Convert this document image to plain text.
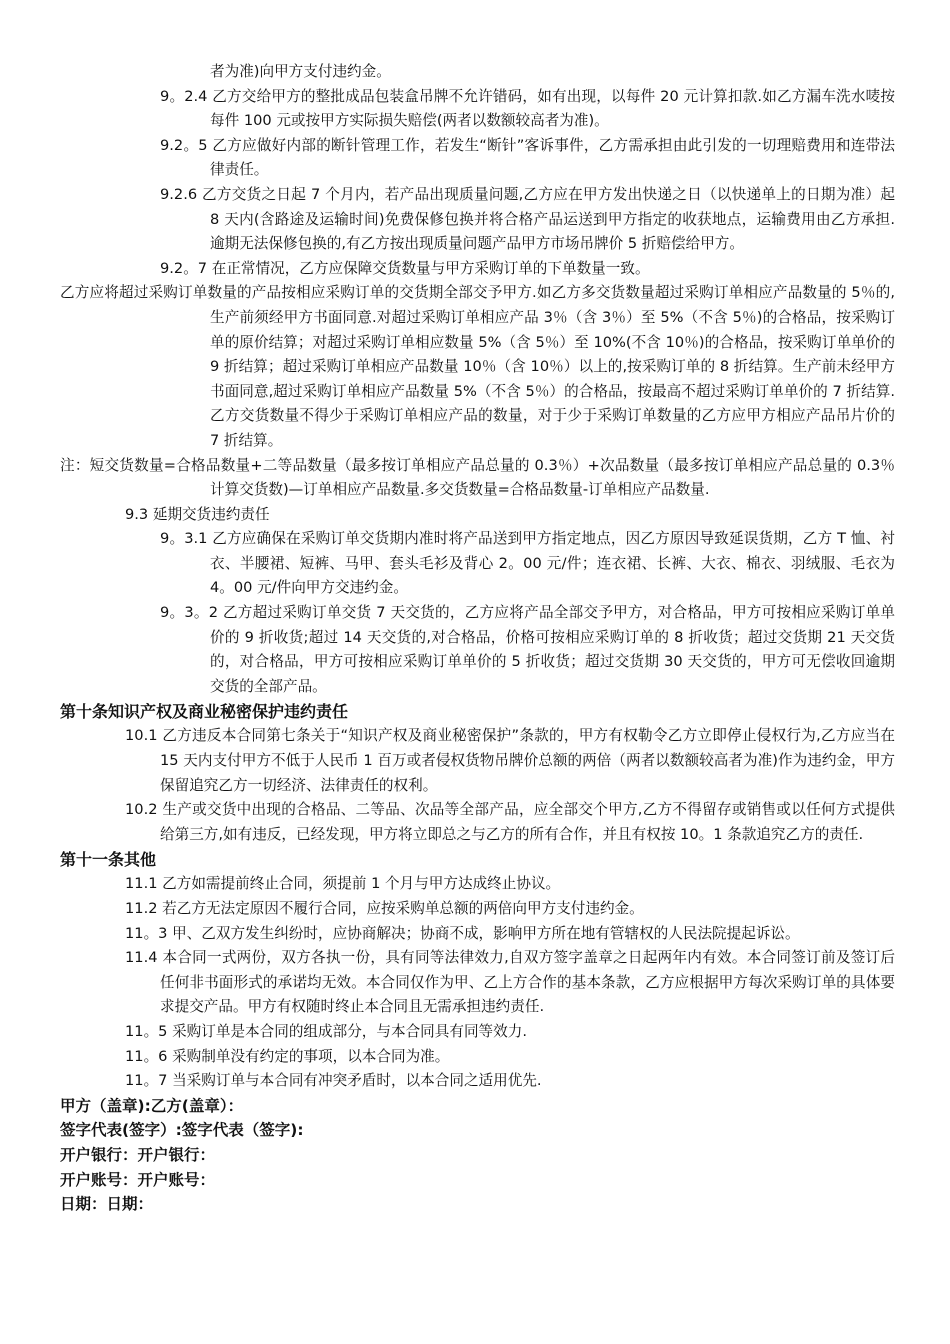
者为准)向甲方支付违约金。
9。2.4 乙方交给甲方的整批成品包装盒吊牌不允许错码，如有出现，以每件 20 元计算扣款.如乙方漏车洗水唛按每件 100 元或按甲方实际损失赔偿(两者以数额较高者为准)。
9.2。5 乙方应做好内部的断针管理工作，若发生“断针”客诉事件，乙方需承担由此引发的一切理赔费用和连带法律责任。
9.2.6 乙方交货之日起 7 个月内，若产品出现质量问题,乙方应在甲方发出快递之日（以快递单上的日期为准）起 8 天内(含路途及运输时间)免费保修包换并将合格产品运送到甲方指定的收获地点，运输费用由乙方承担.逾期无法保修包换的,有乙方按出现质量问题产品甲方市场吊牌价 5 折赔偿给甲方。
9.2。7 在正常情况，乙方应保障交货数量与甲方采购订单的下单数量一致。
乙方应将超过采购订单数量的产品按相应采购订单的交货期全部交予甲方.如乙方多交货数量超过采购订单相应产品数量的 5％的,生产前须经甲方书面同意.对超过采购订单相应产品 3％（含 3％）至 5%（不含 5％)的合格品，按采购订单的原价结算；对超过采购订单相应数量 5%（含 5％）至 10%(不含 10％)的合格品，按采购订单单价的 9 折结算；超过采购订单相应产品数量 10％（含 10％）以上的,按采购订单的 8 折结算。生产前未经甲方书面同意,超过采购订单相应产品数量 5%（不含 5％）的合格品，按最高不超过采购订单单价的 7 折结算.乙方交货数量不得少于采购订单相应产品的数量，对于少于采购订单数量的乙方应甲方相应产品吊片价的 7 折结算。
注：短交货数量=合格品数量+二等品数量（最多按订单相应产品总量的 0.3％）+次品数量（最多按订单相应产品总量的 0.3％计算交货数)—订单相应产品数量.多交货数量=合格品数量-订单相应产品数量.
9.3 延期交货违约责任
9。3.1 乙方应确保在采购订单交货期内准时将产品送到甲方指定地点，因乙方原因导致延误货期，乙方 T 恤、衬衣、半腰裙、短裤、马甲、套头毛衫及背心 2。00 元/件；连衣裙、长裤、大衣、棉衣、羽绒服、毛衣为 4。00 元/件向甲方交违约金。
9。3。2 乙方超过采购订单交货 7 天交货的，乙方应将产品全部交予甲方，对合格品，甲方可按相应采购订单单价的 9 折收货;超过 14 天交货的,对合格品，价格可按相应采购订单的 8 折收货；超过交货期 21 天交货的，对合格品，甲方可按相应采购订单单价的 5 折收货；超过交货期 30 天交货的，甲方可无偿收回逾期交货的全部产品。
第十条知识产权及商业秘密保护违约责任
10.1 乙方违反本合同第七条关于“知识产权及商业秘密保护”条款的，甲方有权勒令乙方立即停止侵权行为,乙方应当在 15 天内支付甲方不低于人民币 1 百万或者侵权货物吊牌价总额的两倍（两者以数额较高者为准)作为违约金，甲方保留追究乙方一切经济、法律责任的权利。
10.2 生产或交货中出现的合格品、二等品、次品等全部产品，应全部交个甲方,乙方不得留存或销售或以任何方式提供给第三方,如有违反，已经发现，甲方将立即总之与乙方的所有合作，并且有权按 10。1 条款追究乙方的责任.
第十一条其他
11.1 乙方如需提前终止合同，须提前 1 个月与甲方达成终止协议。
11.2 若乙方无法定原因不履行合同，应按采购单总额的两倍向甲方支付违约金。
11。3 甲、乙双方发生纠纷时，应协商解决；协商不成，影响甲方所在地有管辖权的人民法院提起诉讼。
11.4 本合同一式两份，双方各执一份，具有同等法律效力,自双方签字盖章之日起两年内有效。本合同签订前及签订后任何非书面形式的承诺均无效。本合同仅作为甲、乙上方合作的基本条款，乙方应根据甲方每次采购订单的具体要求提交产品。甲方有权随时终止本合同且无需承担违约责任.
11。5 采购订单是本合同的组成部分，与本合同具有同等效力.
11。6 采购制单没有约定的事项，以本合同为准。
11。7 当采购订单与本合同有冲突矛盾时，以本合同之适用优先.
甲方（盖章):乙方(盖章）：
签字代表(签字）:签字代表（签字):
开户银行：开户银行：
开户账号：开户账号：
日期：日期：
